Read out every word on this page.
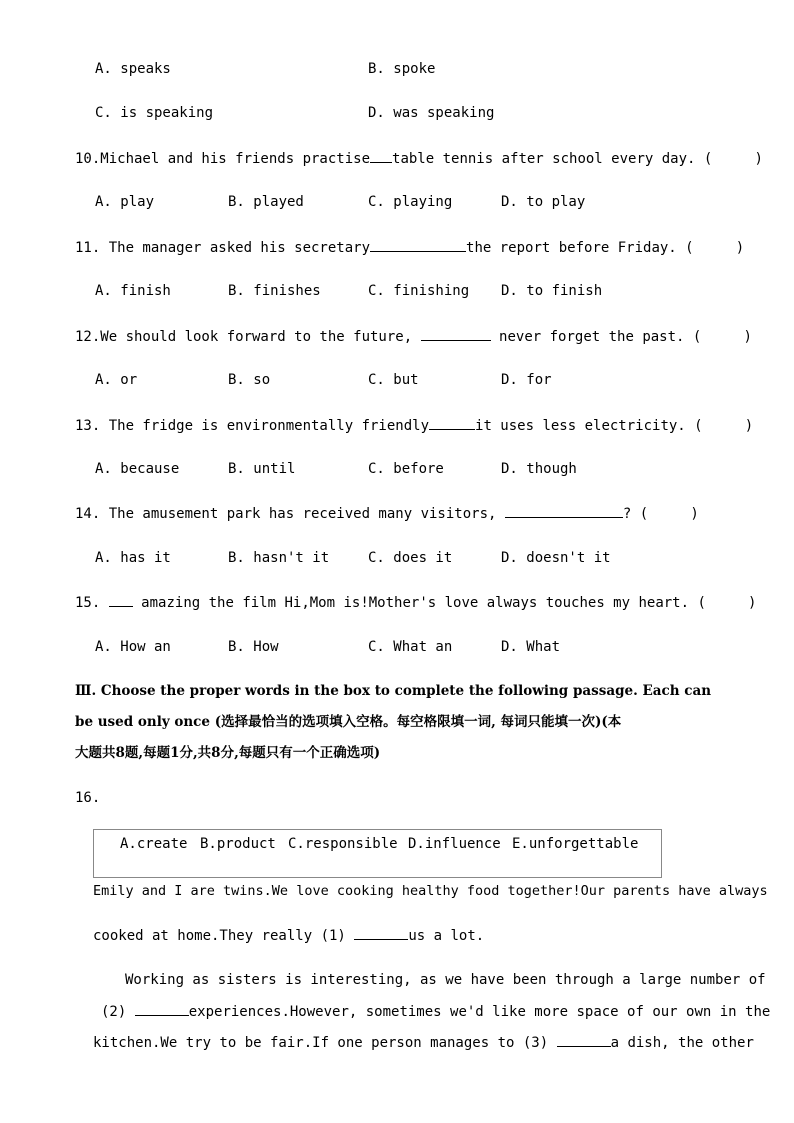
A. speaks	B. spoke
C. is speaking	D. was speaking
10.Michael and his friends practise table tennis after school every day. (     )
A. play	B. played	C. playing	D. to play
11. The manager asked his secretary	the report before Friday. (     )
A. finish	B. finishes	C. finishing D. to finish
12.We should look forward to the future,	never forget the past. (     )
A. or	B. so	C. but	D. for
13. The fridge is environmentally friendly	it uses less electricity. (     )
A. because	B. until	C. before	D. though
14. The amusement park has received many visitors,	? (     )
A. has it	B. hasn't it	C. does it	D. doesn't it
15.	amazing the film Hi,Mom is!Mother's love always touches my heart. (     )
A. How an	B. How	C. What an	D. What
Ⅲ. Choose the proper words in the box to complete the following passage. Each can
be used only once (选择最恰当的选项填入空格。每空格限填一词, 每词只能填一次)(本
大题共8题,每题1分,共8分,每题只有一个正确选项)
16.
A.create B.product C.responsible D.influence E.unforgettable
Emily and I are twins.We love cooking healthy food together!Our parents have always
cooked at home.They really (1)	us a lot.
Working as sisters is interesting, as we have been through a large number of
(2)	experiences.However, sometimes we'd like more space of our own in the
kitchen.We try to be fair.If one person manages to (3)	a dish, the other
